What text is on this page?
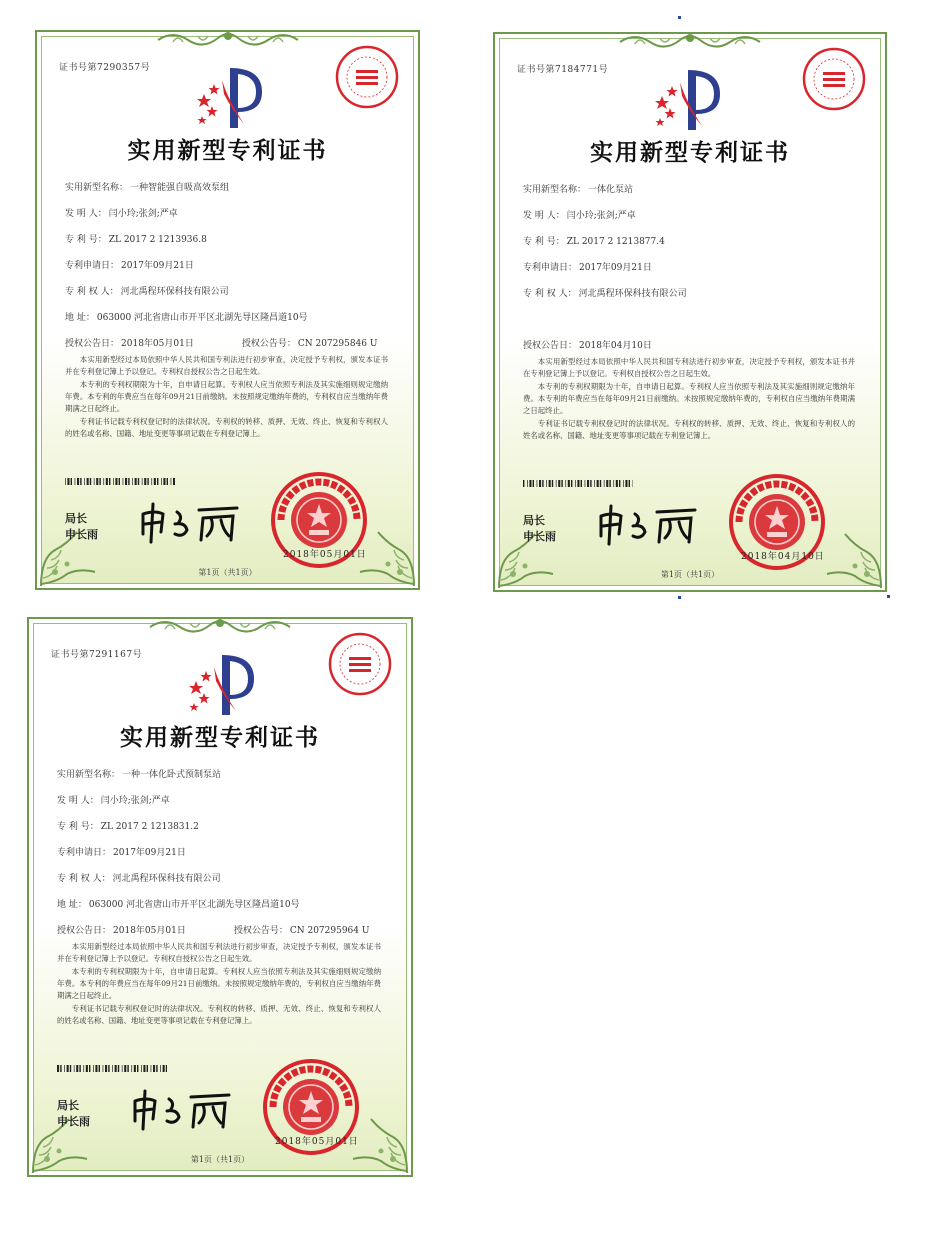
证书号第7290357号
实用新型专利证书
实用新型名称： 一种智能强自吸高效泵组
发 明 人： 闫小玲;张剑;严卓
专 利 号： ZL 2017 2 1213936.8
专利申请日： 2017年09月21日
专 利 权 人： 河北禹程环保科技有限公司
地 址： 063000 河北省唐山市开平区北湖先导区隆昌道10号
授权公告日： 2018年05月01日	授权公告号： CN 207295846 U

本实用新型经过本局依照中华人民共和国专利法进行初步审查，决定授予专利权，颁发本证书并在专利登记簿上予以登记。专利权自授权公告之日起生效。

本专利的专利权期限为十年，自申请日起算。专利权人应当依照专利法及其实施细则规定缴纳年费。本专利的年费应当在每年09月21日前缴纳。未按照规定缴纳年费的，专利权自应当缴纳年费期满之日起终止。

专利证书记载专利权登记时的法律状况。专利权的转移、质押、无效、终止、恢复和专利权人的姓名或名称、国籍、地址变更等事项记载在专利登记簿上。

局长
申长雨
2018年05月01日
第1页（共1页）
证书号第7184771号
实用新型专利证书
实用新型名称： 一体化泵站
发 明 人： 闫小玲;张剑;严卓
专 利 号： ZL 2017 2 1213877.4
专利申请日： 2017年09月21日
专 利 权 人： 河北禹程环保科技有限公司
授权公告日： 2018年04月10日

本实用新型经过本局依照中华人民共和国专利法进行初步审查，决定授予专利权，颁发本证书并在专利登记簿上予以登记。专利权自授权公告之日起生效。

本专利的专利权期限为十年，自申请日起算。专利权人应当依照专利法及其实施细则规定缴纳年费。本专利的年费应当在每年09月21日前缴纳。未按照规定缴纳年费的，专利权自应当缴纳年费期满之日起终止。

专利证书记载专利权登记时的法律状况。专利权的转移、质押、无效、终止、恢复和专利权人的姓名或名称、国籍、地址变更等事项记载在专利登记簿上。

局长
申长雨
2018年04月10日
第1页（共1页）
证书号第7291167号
实用新型专利证书
实用新型名称： 一种一体化卧式预制泵站
发 明 人： 闫小玲;张剑;严卓
专 利 号： ZL 2017 2 1213831.2
专利申请日： 2017年09月21日
专 利 权 人： 河北禹程环保科技有限公司
地 址： 063000 河北省唐山市开平区北湖先导区隆昌道10号
授权公告日： 2018年05月01日	授权公告号： CN 207295964 U

本实用新型经过本局依照中华人民共和国专利法进行初步审查，决定授予专利权，颁发本证书并在专利登记簿上予以登记。专利权自授权公告之日起生效。

本专利的专利权期限为十年，自申请日起算。专利权人应当依照专利法及其实施细则规定缴纳年费。本专利的年费应当在每年09月21日前缴纳。未按照规定缴纳年费的，专利权自应当缴纳年费期满之日起终止。

专利证书记载专利权登记时的法律状况。专利权的转移、质押、无效、终止、恢复和专利权人的姓名或名称、国籍、地址变更等事项记载在专利登记簿上。

局长
申长雨
2018年05月01日
第1页（共1页）
